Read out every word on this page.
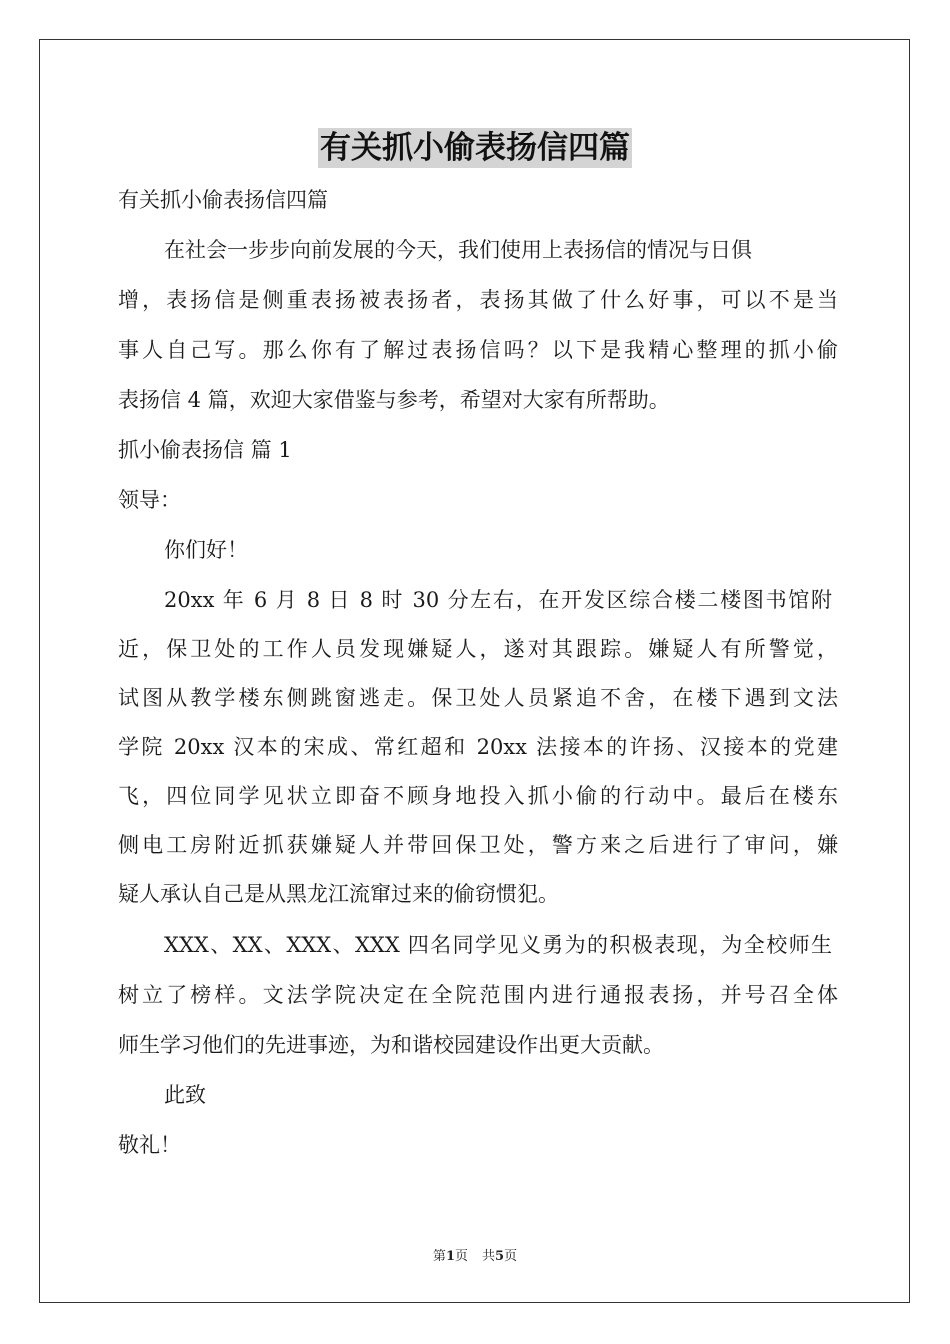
有关抓小偷表扬信四篇
有关抓小偷表扬信四篇
在社会一步步向前发展的今天，我们使用上表扬信的情况与日俱
增，表扬信是侧重表扬被表扬者，表扬其做了什么好事，可以不是当
事人自己写。那么你有了解过表扬信吗？以下是我精心整理的抓小偷
表扬信 4 篇，欢迎大家借鉴与参考，希望对大家有所帮助。
抓小偷表扬信 篇 1
领导：
你们好！
20xx 年 6 月 8 日 8 时 30 分左右，在开发区综合楼二楼图书馆附
近，保卫处的工作人员发现嫌疑人，遂对其跟踪。嫌疑人有所警觉，
试图从教学楼东侧跳窗逃走。保卫处人员紧追不舍，在楼下遇到文法
学院 20xx 汉本的宋成、常红超和 20xx 法接本的许扬、汉接本的党建
飞，四位同学见状立即奋不顾身地投入抓小偷的行动中。最后在楼东
侧电工房附近抓获嫌疑人并带回保卫处，警方来之后进行了审问，嫌
疑人承认自己是从黑龙江流窜过来的偷窃惯犯。
XXX、XX、XXX、XXX 四名同学见义勇为的积极表现，为全校师生
树立了榜样。文法学院决定在全院范围内进行通报表扬，并号召全体
师生学习他们的先进事迹，为和谐校园建设作出更大贡献。
此致
敬礼！
第1页 共5页
